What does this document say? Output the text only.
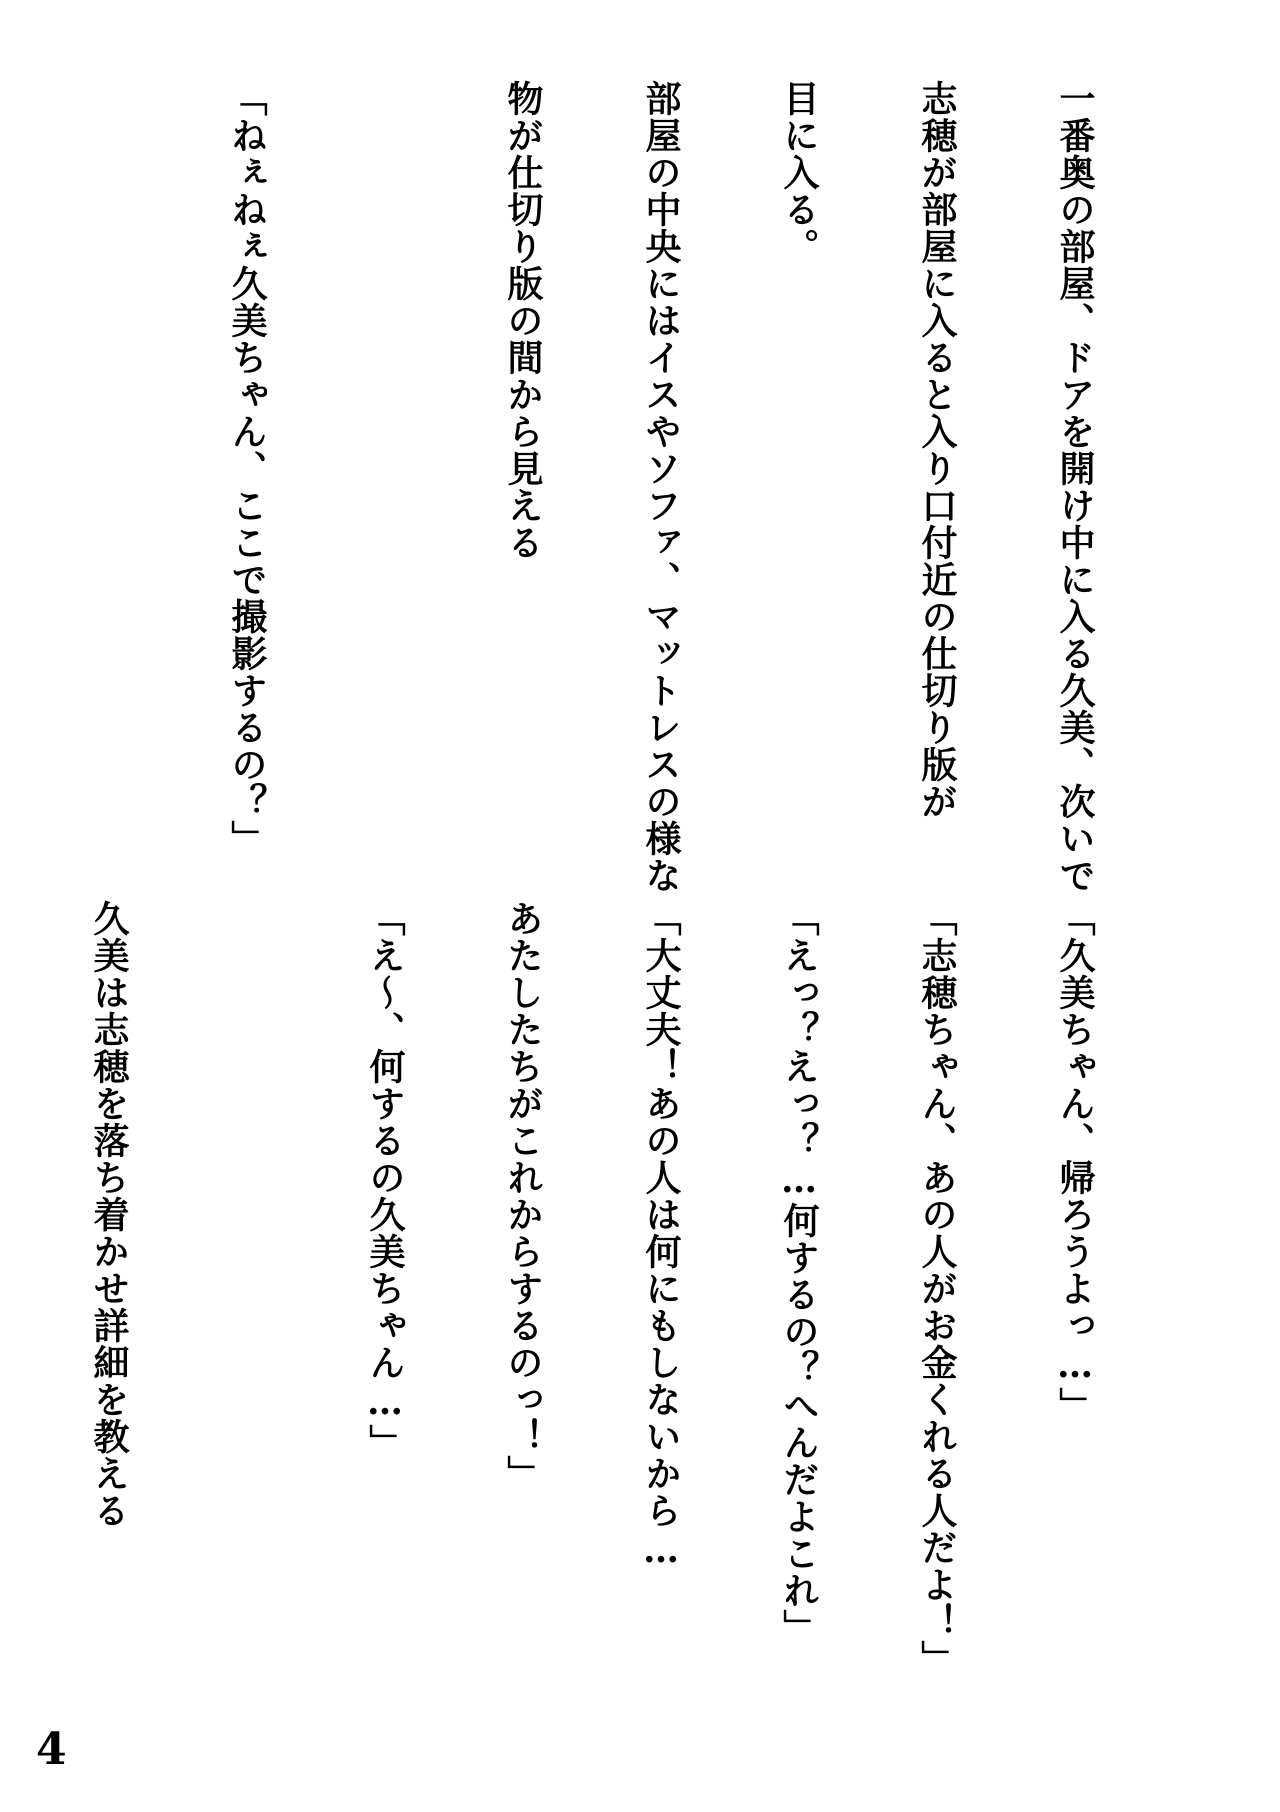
一番奥の部屋、ドアを開け中に入る久美、次いで

志穂が部屋に入ると入り口付近の仕切り版が

目に入る。

部屋の中央にはイスやソファ、マットレスの様な

物が仕切り版の間から見える

「ねぇねぇ久美ちゃん、ここで撮影するの？」

「久美ちゃん、帰ろうよっ…」

「志穂ちゃん、あの人がお金くれる人だよ！」

「えっ？えっ？…何するの？へんだよこれ」

「大丈夫！あの人は何にもしないから…

あたしたちがこれからするのっ！」

「え～、何するの久美ちゃん…」

久美は志穂を落ち着かせ詳細を教える

4
